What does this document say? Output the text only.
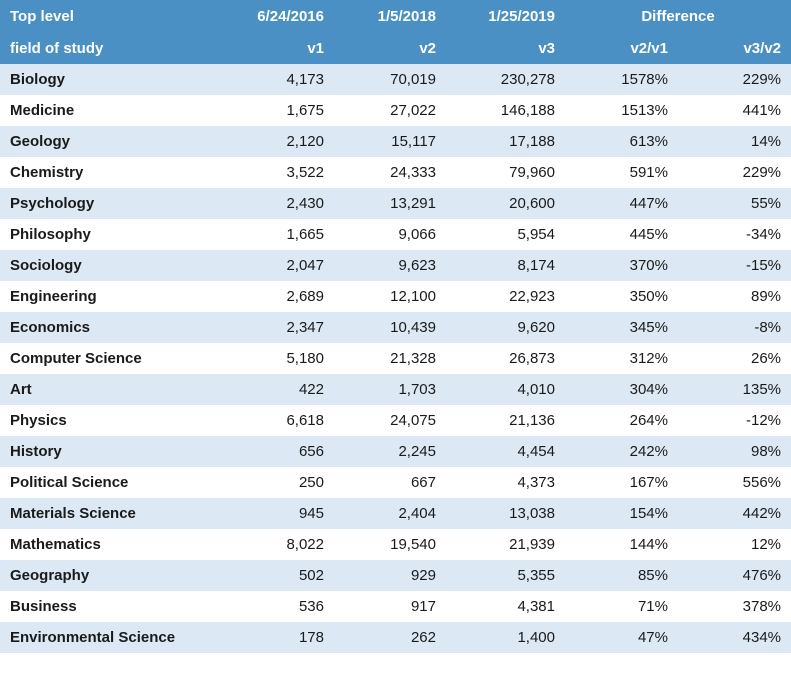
Top level	6/24/2016	1/5/2018	1/25/2019	Difference	
field of study	v1	v2	v3	v2/v1	v3/v2
Biology	4,173	70,019	230,278	1578%	229%
Medicine	1,675	27,022	146,188	1513%	441%
Geology	2,120	15,117	17,188	613%	14%
Chemistry	3,522	24,333	79,960	591%	229%
Psychology	2,430	13,291	20,600	447%	55%
Philosophy	1,665	9,066	5,954	445%	-34%
Sociology	2,047	9,623	8,174	370%	-15%
Engineering	2,689	12,100	22,923	350%	89%
Economics	2,347	10,439	9,620	345%	-8%
Computer Science	5,180	21,328	26,873	312%	26%
Art	422	1,703	4,010	304%	135%
Physics	6,618	24,075	21,136	264%	-12%
History	656	2,245	4,454	242%	98%
Political Science	250	667	4,373	167%	556%
Materials Science	945	2,404	13,038	154%	442%
Mathematics	8,022	19,540	21,939	144%	12%
Geography	502	929	5,355	85%	476%
Business	536	917	4,381	71%	378%
Environmental Science	178	262	1,400	47%	434%
